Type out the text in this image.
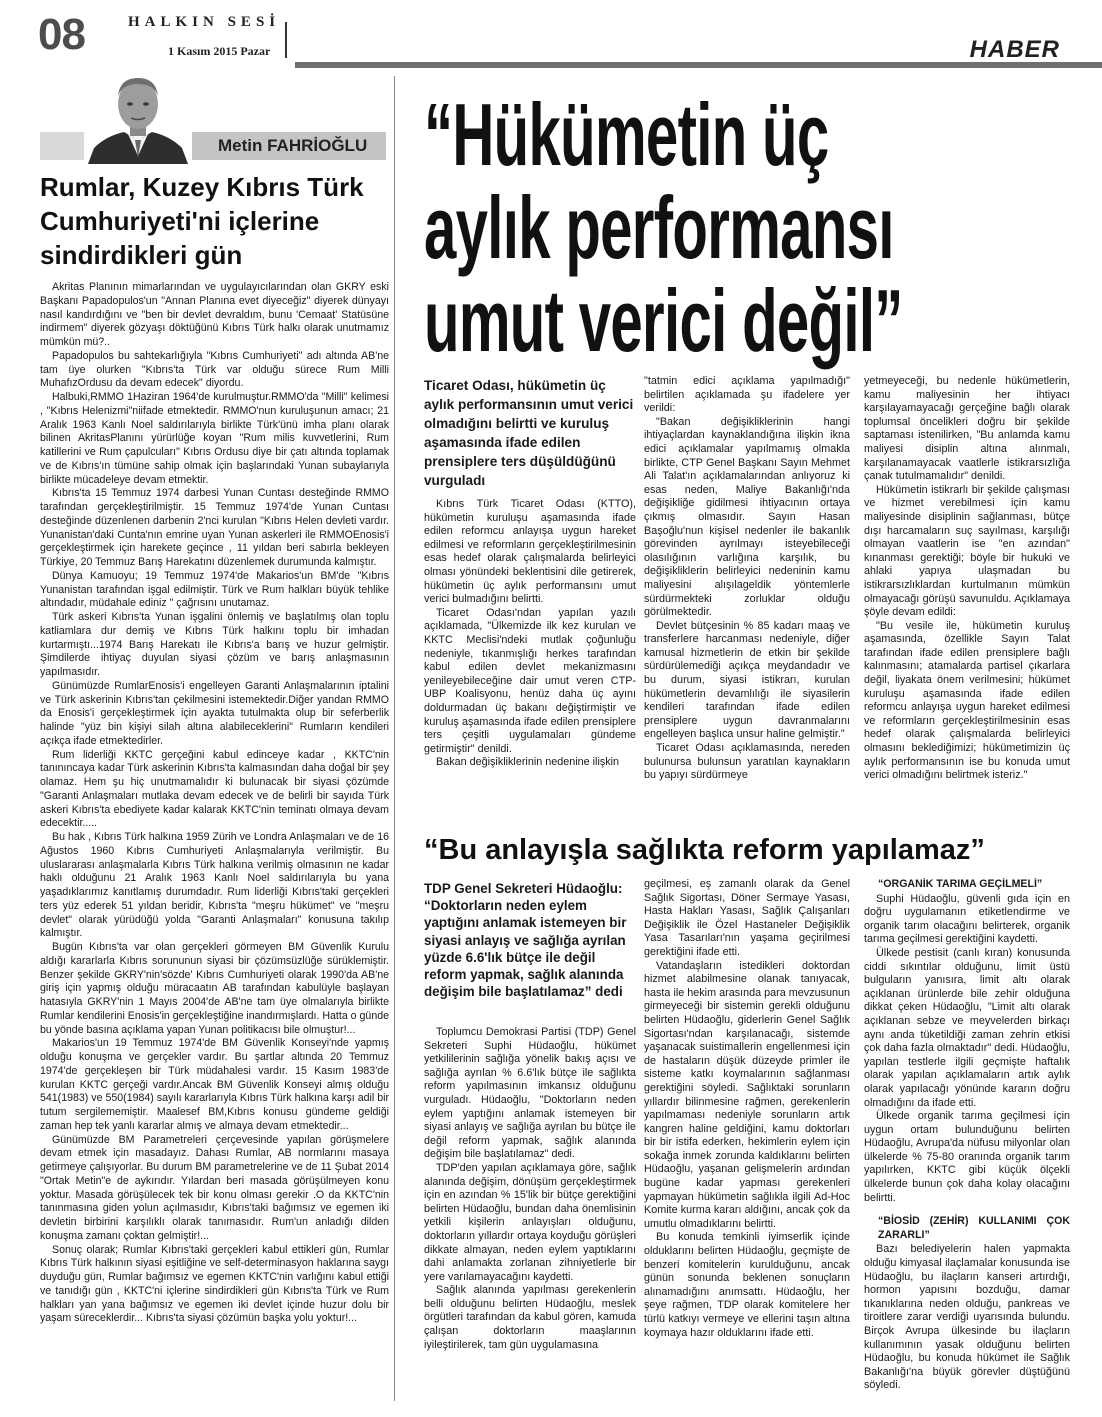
08	HALKIN SESİ
1 Kasım 2015 Pazar	HABER
Metin FAHRİOĞLU
Rumlar, Kuzey Kıbrıs Türk Cumhuriyeti'ni içlerine sindirdikleri gün

Akritas Planının mimarlarından ve uygulayıcılarından olan GKRY eski Başkanı Papadopulos'un "Annan Planına evet diyeceğiz" diyerek dünyayı nasıl kandırdığını ve "ben bir devlet devraldım, bunu 'Cemaat' Statüsüne indirmem" diyerek gözyaşı döktüğünü Kıbrıs Türk halkı olarak unutmamız mümkün mü?..

Papadopulos bu sahtekarlığıyla "Kıbrıs Cumhuriyeti" adı altında AB'ne tam üye olurken "Kıbrıs'ta Türk var olduğu sürece Rum Milli MuhafızOrdusu da devam edecek" diyordu.

Halbuki,RMMO 1Haziran 1964'de kurulmuştur.RMMO'da "Milli" kelimesi , "Kıbrıs Helenizmi"niifade etmektedir. RMMO'nun kuruluşunun amacı; 21 Aralık 1963 Kanlı Noel saldırılarıyla birlikte Türk'ünü imha planı olarak bilinen AkritasPlanını yürürlüğe koyan "Rum milis kuvvetlerini, Rum katillerini ve Rum çapulcuları" Kıbrıs Ordusu diye bir çatı altında toplamak ve de Kıbrıs'ın tümüne sahip olmak için başlarındaki Yunan subaylarıyla birlikte mücadeleye devam etmektir.

Kıbrıs'ta 15 Temmuz 1974 darbesi Yunan Cuntası desteğinde RMMO tarafından gerçekleştirilmiştir. 15 Temmuz 1974'de Yunan Cuntası desteğinde düzenlenen darbenin 2'nci kurulan "Kıbrıs Helen devleti vardır. Yunanistan'daki Cunta'nın emrine uyan Yunan askerleri ile RMMOEnosis'i gerçekleştirmek için harekete geçince , 11 yıldan beri sabırla bekleyen Türkiye, 20 Temmuz Barış Harekatını düzenlemek durumunda kalmıştır.

Dünya Kamuoyu; 19 Temmuz 1974'de Makarios'un BM'de "Kıbrıs Yunanistan tarafından işgal edilmiştir. Türk ve Rum halkları büyük tehlike altındadır, müdahale ediniz " çağrısını unutamaz.

Türk askeri Kıbrıs'ta Yunan işgalini önlemiş ve başlatılmış olan toplu katliamlara dur demiş ve Kıbrıs Türk halkını toplu bir imhadan kurtarmıştı...1974 Barış Harekatı ile Kıbrıs'a barış ve huzur gelmiştir. Şimdilerde ihtiyaç duyulan siyasi çözüm ve barış anlaşmasının yapılmasıdır.

Günümüzde RumlarEnosis'i engelleyen Garanti Anlaşmalarının iptalini ve Türk askerinin Kıbrıs'tan çekilmesini istemektedir.Diğer yandan RMMO da Enosis'i gerçekleştirmek için ayakta tutulmakta olup bir seferberlik halinde "yüz bin kişiyi silah altına alabileceklerini" Rumların kendileri açıkça ifade etmektedirler.

Rum liderliği KKTC gerçeğini kabul edinceye kadar , KKTC'nin tanınıncaya kadar Türk askerinin Kıbrıs'ta kalmasından daha doğal bir şey olamaz. Hem şu hiç unutmamalıdır ki bulunacak bir siyasi çözümde "Garanti Anlaşmaları mutlaka devam edecek ve de belirli bir sayıda Türk askeri Kıbrıs'ta ebediyete kadar kalarak KKTC'nin teminatı olmaya devam edecektir.....

Bu hak , Kıbrıs Türk halkına 1959 Zürih ve Londra Anlaşmaları ve de 16 Ağustos 1960 Kıbrıs Cumhuriyeti Anlaşmalarıyla verilmiştir. Bu uluslararası anlaşmalarla Kıbrıs Türk halkına verilmiş olmasının ne kadar haklı olduğunu 21 Aralık 1963 Kanlı Noel saldırılarıyla bu yana yaşadıklarımız kanıtlamış durumdadır. Rum liderliği Kıbrıs'taki gerçekleri ters yüz ederek 51 yıldan beridir, Kıbrıs'ta "meşru hükümet" ve "meşru devlet" olarak yürüdüğü yolda "Garanti Anlaşmaları" konusuna takılıp kalmıştır.

Bugün Kıbrıs'ta var olan gerçekleri görmeyen BM Güvenlik Kurulu aldığı kararlarla Kıbrıs sorununun siyasi bir çözümsüzlüğe sürüklemiştir. Benzer şekilde GKRY'nin'sözde' Kıbrıs Cumhuriyeti olarak 1990'da AB'ne giriş için yapmış olduğu müracaatın AB tarafından kabulüyle başlayan hatasıyla GKRY'nin 1 Mayıs 2004'de AB'ne tam üye olmalarıyla birlikte Rumlar kendilerini Enosis'in gerçekleştiğine inandırmışlardı. Hatta o günde bu yönde basına açıklama yapan Yunan politikacısı bile olmuştur!...

Makarios'un 19 Temmuz 1974'de BM Güvenlik Konseyi'nde yapmış olduğu konuşma ve gerçekler vardır. Bu şartlar altında 20 Temmuz 1974'de gerçekleşen bir Türk müdahalesi vardır. 15 Kasım 1983'de kurulan KKTC gerçeği vardır.Ancak BM Güvenlik Konseyi almış olduğu 541(1983) ve 550(1984) sayılı kararlarıyla Kıbrıs Türk halkına karşı adil bir tutum sergilememiştir. Maalesef BM,Kıbrıs konusu gündeme geldiği zaman hep tek yanlı kararlar almış ve almaya devam etmektedir...

Günümüzde BM Parametreleri çerçevesinde yapılan görüşmelere devam etmek için masadayız. Dahası Rumlar, AB normlarını masaya getirmeye çalışıyorlar. Bu durum BM parametrelerine ve de 11 Şubat 2014 "Ortak Metin"e de aykırıdır. Yılardan beri masada görüşülmeyen konu yoktur. Masada görüşülecek tek bir konu olması gerekir .O da KKTC'nin tanınmasına giden yolun açılmasıdır, Kıbrıs'taki bağımsız ve egemen iki devletin birbirini karşılıklı olarak tanımasıdır. Rum'un anladığı dilden konuşma zamanı çoktan gelmiştir!...

Sonuç olarak; Rumlar Kıbrıs'taki gerçekleri kabul ettikleri gün, Rumlar Kıbrıs Türk halkının siyasi eşitliğine ve self-determinasyon haklarına saygı duyduğu gün, Rumlar bağımsız ve egemen KKTC'nin varlığını kabul ettiği ve tanıdığı gün , KKTC'ni içlerine sindirdikleri gün Kıbrıs'ta Türk ve Rum halkları yan yana bağımsız ve egemen iki devlet içinde huzur dolu bir yaşam süreceklerdir... Kıbrıs'ta siyasi çözümün başka yolu yoktur!...

“Hükümetin üç
aylık performansı
umut verici değil”
Ticaret Odası, hükümetin üç aylık performansının umut verici olmadığını belirtti ve kuruluş aşamasında ifade edilen prensiplere ters düşüldüğünü vurguladı

Kıbrıs Türk Ticaret Odası (KTTO), hükümetin kuruluşu aşamasında ifade edilen reformcu anlayışa uygun hareket edilmesi ve reformların gerçekleştirilmesinin esas hedef olarak çalışmalarda belirleyici olması yönündeki beklentisini dile getirerek, hükümetin üç aylık performansını umut verici bulmadığını belirtti.

Ticaret Odası'ndan yapılan yazılı açıklamada, "Ülkemizde ilk kez kurulan ve KKTC Meclisi'ndeki mutlak çoğunluğu nedeniyle, tıkanmışlığı herkes tarafından kabul edilen devlet mekanizmasını yenileyebileceğine dair umut veren CTP-UBP Koalisyonu, henüz daha üç ayını doldurmadan üç bakanı değiştirmiştir ve kuruluş aşamasında ifade edilen prensiplere ters çeşitli uygulamaları gündeme getirmiştir" denildi.

Bakan değişikliklerinin nedenine ilişkin

"tatmin edici açıklama yapılmadığı" belirtilen açıklamada şu ifadelere yer verildi:

"Bakan değişikliklerinin hangi ihtiyaçlardan kaynaklandığına ilişkin ikna edici açıklamalar yapılmamış olmakla birlikte, CTP Genel Başkanı Sayın Mehmet Ali Talat'ın açıklamalarından anlıyoruz ki esas neden, Maliye Bakanlığı'nda değişikliğe gidilmesi ihtiyacının ortaya çıkmış olmasıdır. Sayın Hasan Başoğlu'nun kişisel nedenler ile bakanlık görevinden ayrılmayı isteyebileceği olasılığının varlığına karşılık, bu değişikliklerin belirleyici nedeninin kamu maliyesini alışılageldik yöntemlerle sürdürmekteki zorluklar olduğu görülmektedir.

Devlet bütçesinin % 85 kadarı maaş ve transferlere harcanması nedeniyle, diğer kamusal hizmetlerin de etkin bir şekilde sürdürülemediği açıkça meydandadır ve bu durum, siyasi istikrarı, kurulan hükümetlerin devamlılığı ile siyasilerin kendileri tarafından ifade edilen prensiplere uygun davranmalarını engelleyen başlıca unsur haline gelmiştir."

Ticaret Odası açıklamasında, nereden bulunursa bulunsun yaratılan kaynakların bu yapıyı sürdürmeye

yetmeyeceği, bu nedenle hükümetlerin, kamu maliyesinin her ihtiyacı karşılayamayacağı gerçeğine bağlı olarak toplumsal öncelikleri doğru bir şekilde saptaması istenilirken, "Bu anlamda kamu maliyesi disiplin altına alınmalı, karşılanamayacak vaatlerle istikrarsızlığa çanak tutulmamalıdır" denildi.

Hükümetin istikrarlı bir şekilde çalışması ve hizmet verebilmesi için kamu maliyesinde disiplinin sağlanması, bütçe dışı harcamaların suç sayılması, karşılığı olmayan vaatlerin ise "en azından" kınanması gerektiği; böyle bir hukuki ve ahlaki yapıya ulaşmadan bu istikrarsızlıklardan kurtulmanın mümkün olmayacağı görüşü savunuldu. Açıklamaya şöyle devam edildi:

"Bu vesile ile, hükümetin kuruluş aşamasında, özellikle Sayın Talat tarafından ifade edilen prensiplere bağlı kalınmasını; atamalarda partisel çıkarlara değil, liyakata önem verilmesini; hükümet kuruluşu aşamasında ifade edilen reformcu anlayışa uygun hareket edilmesi ve reformların gerçekleştirilmesinin esas hedef olarak çalışmalarda belirleyici olmasını beklediğimizi; hükümetimizin üç aylık performansının ise bu konuda umut verici olmadığını belirtmek isteriz."

“Bu anlayışla sağlıkta reform yapılamaz”
TDP Genel Sekreteri Hüdaoğlu: “Doktorların neden eylem yaptığını anlamak istemeyen bir siyasi anlayış ve sağlığa ayrılan yüzde 6.6'lık bütçe ile değil reform yapmak, sağlık alanında değişim bile başlatılamaz” dedi

Toplumcu Demokrasi Partisi (TDP) Genel Sekreteri Suphi Hüdaoğlu, hükümet yetkililerinin sağlığa yönelik bakış açısı ve sağlığa ayrılan % 6.6'lık bütçe ile sağlıkta reform yapılmasının imkansız olduğunu vurguladı. Hüdaoğlu, "Doktorların neden eylem yaptığını anlamak istemeyen bir siyasi anlayış ve sağlığa ayrılan bu bütçe ile değil reform yapmak, sağlık alanında değişim bile başlatılamaz" dedi.

TDP'den yapılan açıklamaya göre, sağlık alanında değişim, dönüşüm gerçekleştirmek için en azından % 15'lik bir bütçe gerektiğini belirten Hüdaoğlu, bundan daha önemlisinin yetkili kişilerin anlayışları olduğunu, doktorların yıllardır ortaya koyduğu görüşleri dikkate almayan, neden eylem yaptıklarını dahi anlamakta zorlanan zihniyetlerle bir yere varılamayacağını kaydetti.

Sağlık alanında yapılması gerekenlerin belli olduğunu belirten Hüdaoğlu, meslek örgütleri tarafından da kabul gören, kamuda çalışan doktorların maaşlarının iyileştirilerek, tam gün uygulamasına

geçilmesi, eş zamanlı olarak da Genel Sağlık Sigortası, Döner Sermaye Yasası, Hasta Hakları Yasası, Sağlık Çalışanları Değişiklik ile Özel Hastaneler Değişiklik Yasa Tasarıları'nın yaşama geçirilmesi gerektiğini ifade etti.

Vatandaşların istedikleri doktordan hizmet alabilmesine olanak tanıyacak, hasta ile hekim arasında para mevzusunun girmeyeceği bir sistemin gerekli olduğunu belirten Hüdaoğlu, giderlerin Genel Sağlık Sigortası'ndan karşılanacağı, sistemde yaşanacak suistimallerin engellenmesi için de hastaların düşük düzeyde primler ile sisteme katkı koymalarının sağlanması gerektiğini söyledi. Sağlıktaki sorunların yıllardır bilinmesine rağmen, gerekenlerin yapılmaması nedeniyle sorunların artık kangren haline geldiğini, kamu doktorları bir bir istifa ederken, hekimlerin eylem için sokağa inmek zorunda kaldıklarını belirten Hüdaoğlu, yaşanan gelişmelerin ardından bugüne kadar yapması gerekenleri yapmayan hükümetin sağlıkla ilgili Ad-Hoc Komite kurma kararı aldığını, ancak çok da umutlu olmadıklarını belirtti.

Bu konuda temkinli iyimserlik içinde olduklarını belirten Hüdaoğlu, geçmişte de benzeri komitelerin kurulduğunu, ancak günün sonunda beklenen sonuçların alınamadığını anımsattı. Hüdaoğlu, her şeye rağmen, TDP olarak komitelere her türlü katkıyı vermeye ve ellerini taşın altına koymaya hazır olduklarını ifade etti.

“ORGANİK TARIMA GEÇİLMELİ”

Suphi Hüdaoğlu, güvenli gıda için en doğru uygulamanın etiketlendirme ve organik tarım olacağını belirterek, organik tarıma geçilmesi gerektiğini kaydetti.

Ülkede pestisit (canlı kıran) konusunda ciddi sıkıntılar olduğunu, limit üstü bulguların yanısıra, limit altı olarak açıklanan ürünlerde bile zehir olduğuna dikkat çeken Hüdaoğlu, "Limit altı olarak açıklanan sebze ve meyvelerden birkaçı aynı anda tüketildiği zaman zehrin etkisi çok daha fazla olmaktadır" dedi. Hüdaoğlu, yapılan testlerle ilgili geçmişte haftalık olarak yapılan açıklamaların artık aylık olarak yapılacağı yönünde kararın doğru olmadığını da ifade etti.

Ülkede organik tarıma geçilmesi için uygun ortam bulunduğunu belirten Hüdaoğlu, Avrupa'da nüfusu milyonlar olan ülkelerde % 75-80 oranında organik tarım yapılırken, KKTC gibi küçük ölçekli ülkelerde bunun çok daha kolay olacağını belirtti.

“BİOSİD (ZEHİR) KULLANIMI ÇOK ZARARLI”

Bazı belediyelerin halen yapmakta olduğu kimyasal ilaçlamalar konusunda ise Hüdaoğlu, bu ilaçların kanseri artırdığı, hormon yapısını bozduğu, damar tıkanıklarına neden olduğu, pankreas ve tiroitlere zarar verdiği uyarısında bulundu. Birçok Avrupa ülkesinde bu ilaçların kullanımının yasak olduğunu belirten Hüdaoğlu, bu konuda hükümet ile Sağlık Bakanlığı'na büyük görevler düştüğünü söyledi.
